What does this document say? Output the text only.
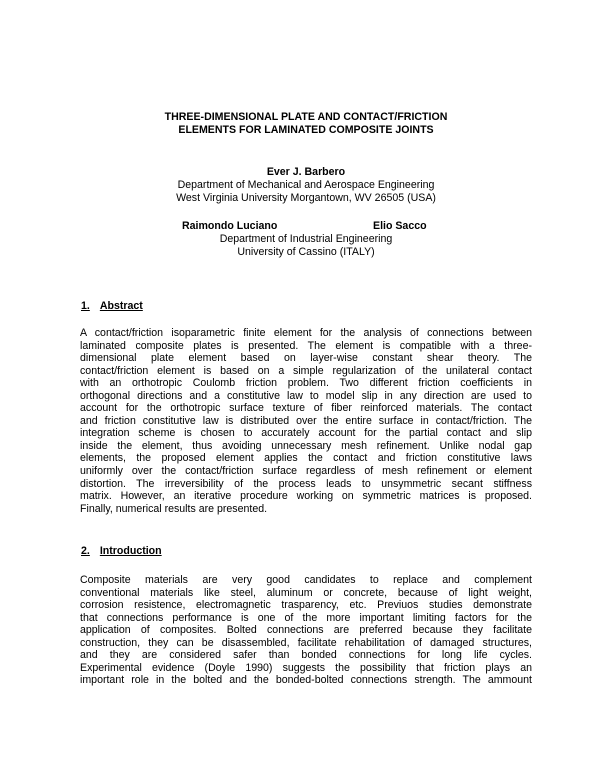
THREE-DIMENSIONAL PLATE AND CONTACT/FRICTION
ELEMENTS FOR LAMINATED COMPOSITE JOINTS
Ever J. Barbero
Department of Mechanical and Aerospace Engineering
West Virginia University Morgantown, WV 26505 (USA)
Raimondo Luciano	Elio Sacco
Department of Industrial Engineering
University of Cassino (ITALY)
1. Abstract
A contact/friction isoparametric finite element for the analysis of connections between
laminated composite plates is presented. The element is compatible with a three-
dimensional plate element based on layer-wise constant shear theory. The
contact/friction element is based on a simple regularization of the unilateral contact
with an orthotropic Coulomb friction problem. Two different friction coefficients in
orthogonal directions and a constitutive law to model slip in any direction are used to
account for the orthotropic surface texture of fiber reinforced materials. The contact
and friction constitutive law is distributed over the entire surface in contact/friction. The
integration scheme is chosen to accurately account for the partial contact and slip
inside the element, thus avoiding unnecessary mesh refinement. Unlike nodal gap
elements, the proposed element applies the contact and friction constitutive laws
uniformly over the contact/friction surface regardless of mesh refinement or element
distortion. The irreversibility of the process leads to unsymmetric secant stiffness
matrix. However, an iterative procedure working on symmetric matrices is proposed.
Finally, numerical results are presented.
2. Introduction
Composite materials are very good candidates to replace and complement
conventional materials like steel, aluminum or concrete, because of light weight,
corrosion resistence, electromagnetic trasparency, etc. Previuos studies demonstrate
that connections performance is one of the more important limiting factors for the
application of composites. Bolted connections are preferred because they facilitate
construction, they can be disassembled, facilitate rehabilitation of damaged structures,
and they are considered safer than bonded connections for long life cycles.
Experimental evidence (Doyle 1990) suggests the possibility that friction plays an
important role in the bolted and the bonded-bolted connections strength. The ammount
